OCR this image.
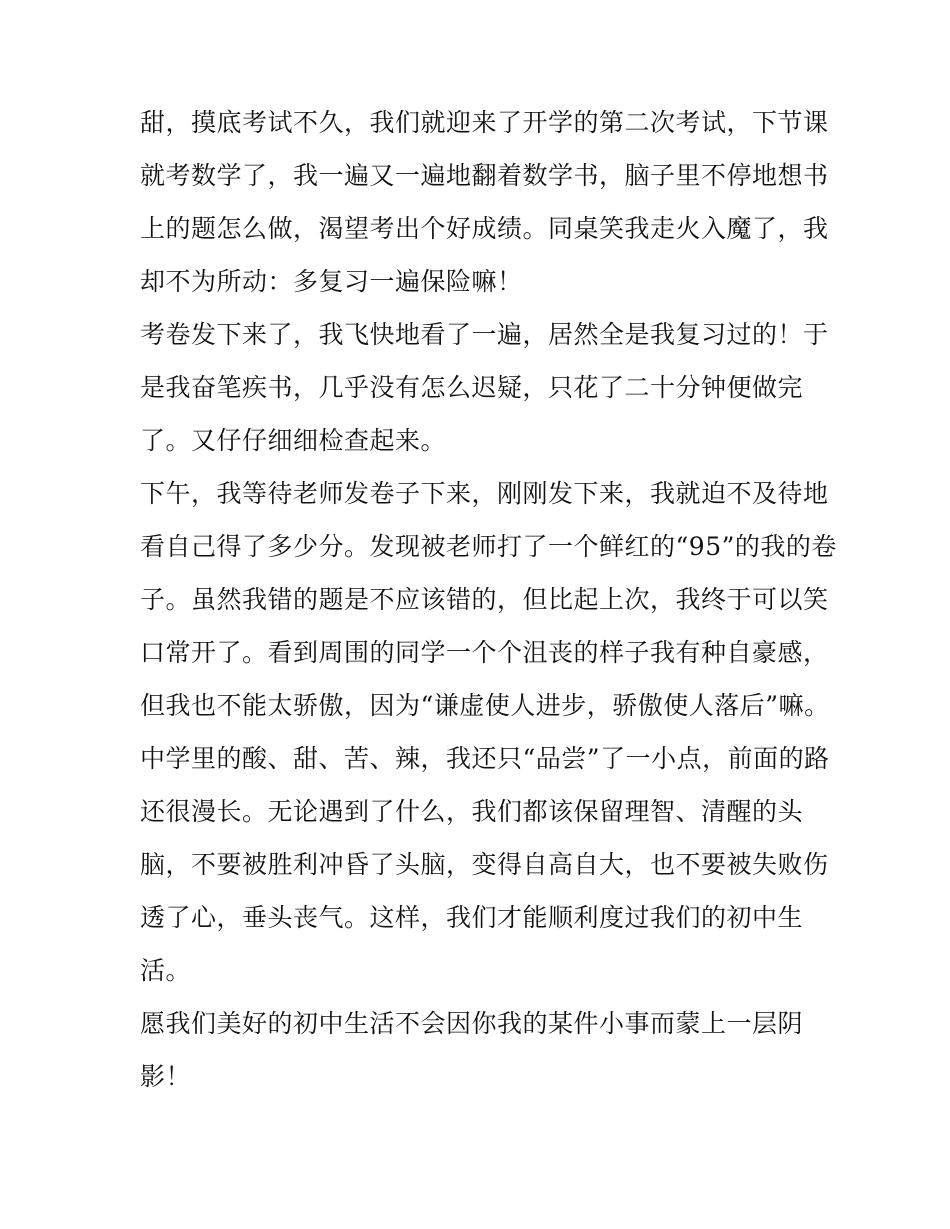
甜，摸底考试不久，我们就迎来了开学的第二次考试，下节课
就考数学了，我一遍又一遍地翻着数学书，脑子里不停地想书
上的题怎么做，渴望考出个好成绩。同桌笑我走火入魔了，我
却不为所动：多复习一遍保险嘛！
考卷发下来了，我飞快地看了一遍，居然全是我复习过的！于
是我奋笔疾书，几乎没有怎么迟疑，只花了二十分钟便做完
了。又仔仔细细检查起来。
下午，我等待老师发卷子下来，刚刚发下来，我就迫不及待地
看自己得了多少分。发现被老师打了一个鲜红的“95”的我的卷
子。虽然我错的题是不应该错的，但比起上次，我终于可以笑
口常开了。看到周围的同学一个个沮丧的样子我有种自豪感，
但我也不能太骄傲，因为“谦虚使人进步，骄傲使人落后”嘛。
中学里的酸、甜、苦、辣，我还只“品尝”了一小点，前面的路
还很漫长。无论遇到了什么，我们都该保留理智、清醒的头
脑，不要被胜利冲昏了头脑，变得自高自大，也不要被失败伤
透了心，垂头丧气。这样，我们才能顺利度过我们的初中生
活。
愿我们美好的初中生活不会因你我的某件小事而蒙上一层阴
影！
